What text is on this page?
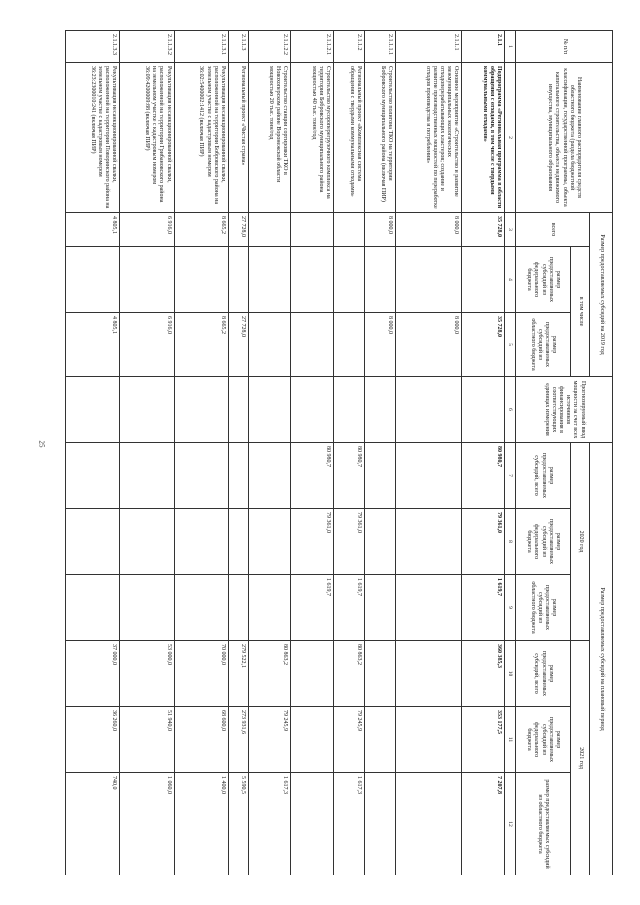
25
№ п/п	Наименование главного распорядителя средств областного бюджета (раздела бюджетной классификации, государственной программы, объекта капитального строительства, объекта недвижимого имущества, муниципального образования	Размер предоставляемых субсидий на 2019 год			Прогнозируемый ввод мощности за счет всех источников финансирования в соответствующих единицах измерения	Размер предоставляемых субсидий на плановый период					
		всего	в том числе			2020 год			2021 год		
			размер предоставляемых субсидий из федерального бюджета	размер предоставляемых субсидий из областного бюджета		размер предоставляемых субсидий, всего	размер предоставляемых субсидий из федерального бюджета	размер предоставляемых субсидий из областного бюджета	размер предоставляемых субсидий, всего	размер предоставляемых субсидий из федерального бюджета	размер предоставляемых субсидий из областного бюджета
1	2	3	4	5	6	7	8	9	10	11	12
2.1.1	Подпрограмма «Региональная программа в области обращения с отходами, в том числе с твердыми коммунальными отходами»	35 728,0		35 728,0		80 980,7	79 361,0	1 619,7	360 385,3	353 177,5	7 207,8
2.1.1.1	Основное мероприятие «Строительство и развитие межмуниципальных экологических отходоперерабатывающих кластеров; создание и развитие производственных мощностей по переработке отходов производства и потребления»	8 000,0		8 000,0							
2.1.1.1.1	Строительство полигона ТКО на территории Бобровского муниципального района (включая ПИР)	8 000,0		8 000,0							
2.1.1.2	Региональный проект «Комплексная система обращения с твердыми коммунальными отходами»					80 980,7	79 361,0	1 619,7	80 863,2	79 245,9	1 617,3
2.1.1.2.1	Строительство мусороперегрузочного комплекса на территории Бобровского муниципального района мощностью 40 тыс. тонн/год					80 980,7	79 361,0	1 619,7			
2.1.1.2.2	Строительство станции сортировки ТКО в Новохоперском районе Воронежской области мощностью 20 тыс. тонн/год								80 863,2	79 245,9	1 617,3
2.1.1.3	Региональный проект «Чистая страна»	27 728,0		27 728,0					279 522,1	273 931,6	5 590,5
2.1.1.3.1	Рекультивация несанкционированной свалки, расположенной на территории Бобровского района на земельном участке с кадастровым номером 36:02:5400002:1412 (включая ПИР)	8 665,2		8 665,2					70 000,0	68 600,0	1 400,0
2.1.1.3.2	Рекультивация несанкционированной свалки, расположенной на территории Грибановского района на земельном участке с кадастровым номером 36:09:4200009:88 (включая ПИР)	6 916,0		6 916,0					53 000,0	51 940,0	1 060,0
2.1.1.3.3	Рекультивация несанкционированной свалки, расположенной на территории Поворинского района на земельном участке с кадастровым номером 36:23:2300010:241 (включая ПИР)	4 805,1		4 805,1					37 000,0	36 260,0	740,0
